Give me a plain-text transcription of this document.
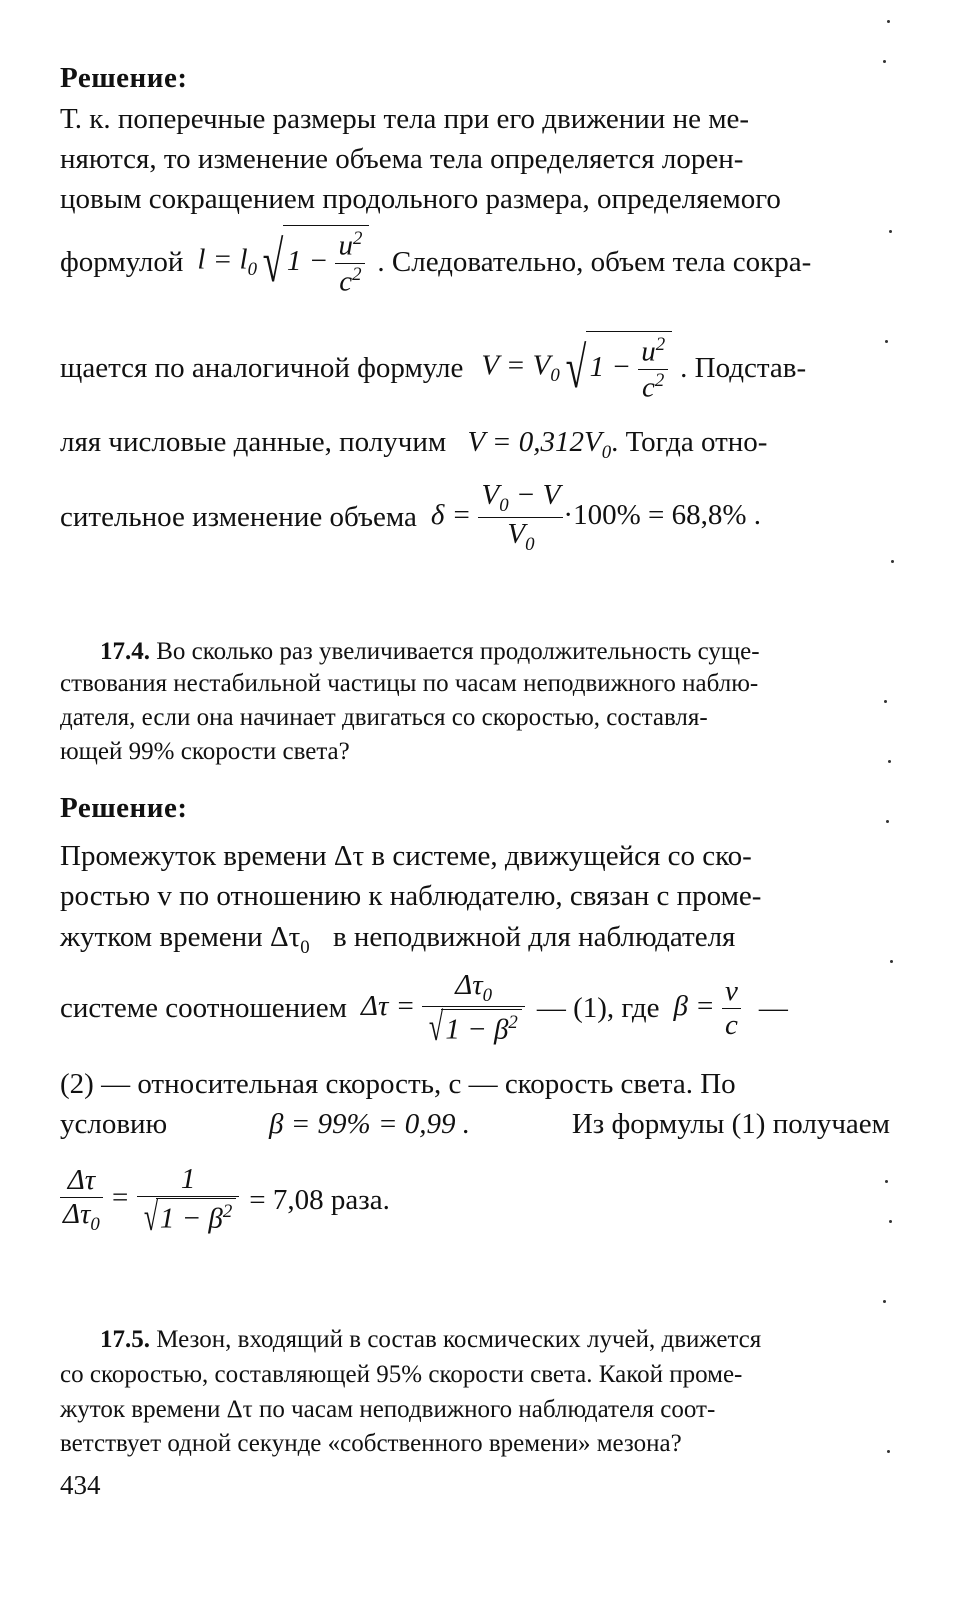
Решение:
Т. к. поперечные размеры тела при его движении не ме-
няются, то изменение объема тела определяется лорен-
цовым сокращением продольного размера, определяемого
формулой $l = l_0√$ $1 - \frac{u^2}{c^2}$ . Следовательно, объем тела сокра-
щается по аналогичной формуле $V = V_0√$ $1 - \frac{u^2}{c^2}$ . Подстав-
ляя числовые данные, получим $V = 0,312V_0$. Тогда отно-
сительное изменение объема $\delta = \frac{V_0 - V}{V_0} \cdot 100\% = 68,8\%$ .
17.4. Во сколько раз увеличивается продолжительность суще-
ствования нестабильной частицы по часам неподвижного наблю-
дателя, если она начинает двигаться со скоростью, составля-
ющей 99% скорости света?
Решение:
Промежуток времени Δτ в системе, движущейся со ско-
ростью v по отношению к наблюдателю, связан с проме-
жутком времени $\Delta\tau_0$ в неподвижной для наблюдателя
системе соотношением $\Delta\tau = \frac{\Delta\tau_0}{√1 - \beta^2}$ — (1), где $\beta = \frac{v}{c}$ —
(2) — относительная скорость, c — скорость света. По
условию	β = 99% = 0,99 .	Из формулы (1) получаем
$\frac{\Delta\tau}{\Delta\tau_0} = \frac{1}{√1 - \beta^2} = 7,08$ раза.
17.5. Мезон, входящий в состав космических лучей, движется
со скоростью, составляющей 95% скорости света. Какой проме-
жуток времени Δτ по часам неподвижного наблюдателя соот-
ветствует одной секунде «собственного времени» мезона?
434
